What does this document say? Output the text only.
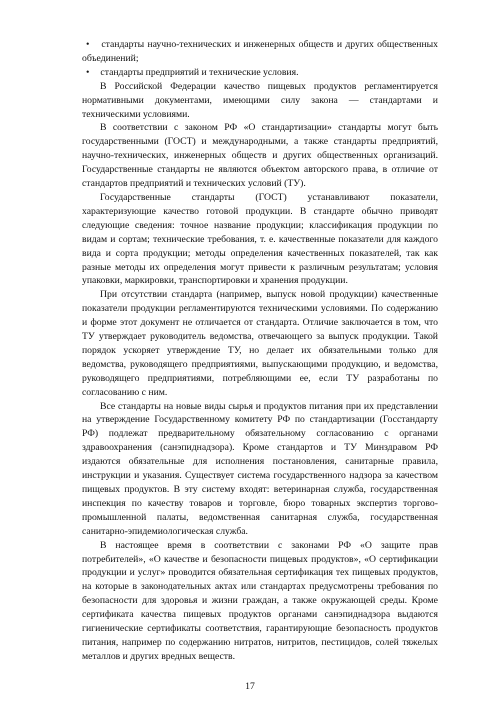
• стандарты научно-технических и инженерных обществ и других общественных объединений;

• стандарты предприятий и технические условия.

В Российской Федерации качество пищевых продуктов регламентируется нормативными документами, имеющими силу закона — стандартами и техническими условиями.

В соответствии с законом РФ «О стандартизации» стандарты могут быть государственными (ГОСТ) и международными, а также стандарты предприятий, научно-технических, инженерных обществ и других общественных организаций. Государственные стандарты не являются объектом авторского права, в отличие от стандартов предприятий и технических условий (ТУ).

Государственные стандарты (ГОСТ) устанавливают показатели, характеризующие качество готовой продукции. В стандарте обычно приводят следующие сведения: точное название продукции; классификация продукции по видам и сортам; технические требования, т. е. качественные показатели для каждого вида и сорта продукции; методы определения качественных показателей, так как разные методы их определения могут привести к различным результатам; условия упаковки, маркировки, транспортировки и хранения продукции.

При отсутствии стандарта (например, выпуск новой продукции) качественные показатели продукции регламентируются техническими условиями. По содержанию и форме этот документ не отличается от стандарта. Отличие заключается в том, что ТУ утверждает руководитель ведомства, отвечающего за выпуск продукции. Такой порядок ускоряет утверждение ТУ, но делает их обязательными только для ведомства, руководящего предприятиями, выпускающими продукцию, и ведомства, руководящего предприятиями, потребляющими ее, если ТУ разработаны по согласованию с ним.

Все стандарты на новые виды сырья и продуктов питания при их представлении на утверждение Государственному комитету РФ по стандартизации (Госстандарту РФ) подлежат предварительному обязательному согласованию с органами здравоохранения (санэпиднадзора). Кроме стандартов и ТУ Минздравом РФ издаются обязательные для исполнения постановления, санитарные правила, инструкции и указания. Существует система государственного надзора за качеством пищевых продуктов. В эту систему входят: ветеринарная служба, государственная инспекция по качеству товаров и торговле, бюро товарных экспертиз торгово-промышленной палаты, ведомственная санитарная служба, государственная санитарно-эпидемиологическая служба.

В настоящее время в соответствии с законами РФ «О защите прав потребителей», «О качестве и безопасности пищевых продуктов», «О сертификации продукции и услуг» проводится обязательная сертификация тех пищевых продуктов, на которые в законодательных актах или стандартах предусмотрены требования по безопасности для здоровья и жизни граждан, а также окружающей среды. Кроме сертификата качества пищевых продуктов органами санэпиднадзора выдаются гигиенические сертификаты соответствия, гарантирующие безопасность продуктов питания, например по содержанию нитратов, нитритов, пестицидов, солей тяжелых металлов и других вредных веществ.

17
